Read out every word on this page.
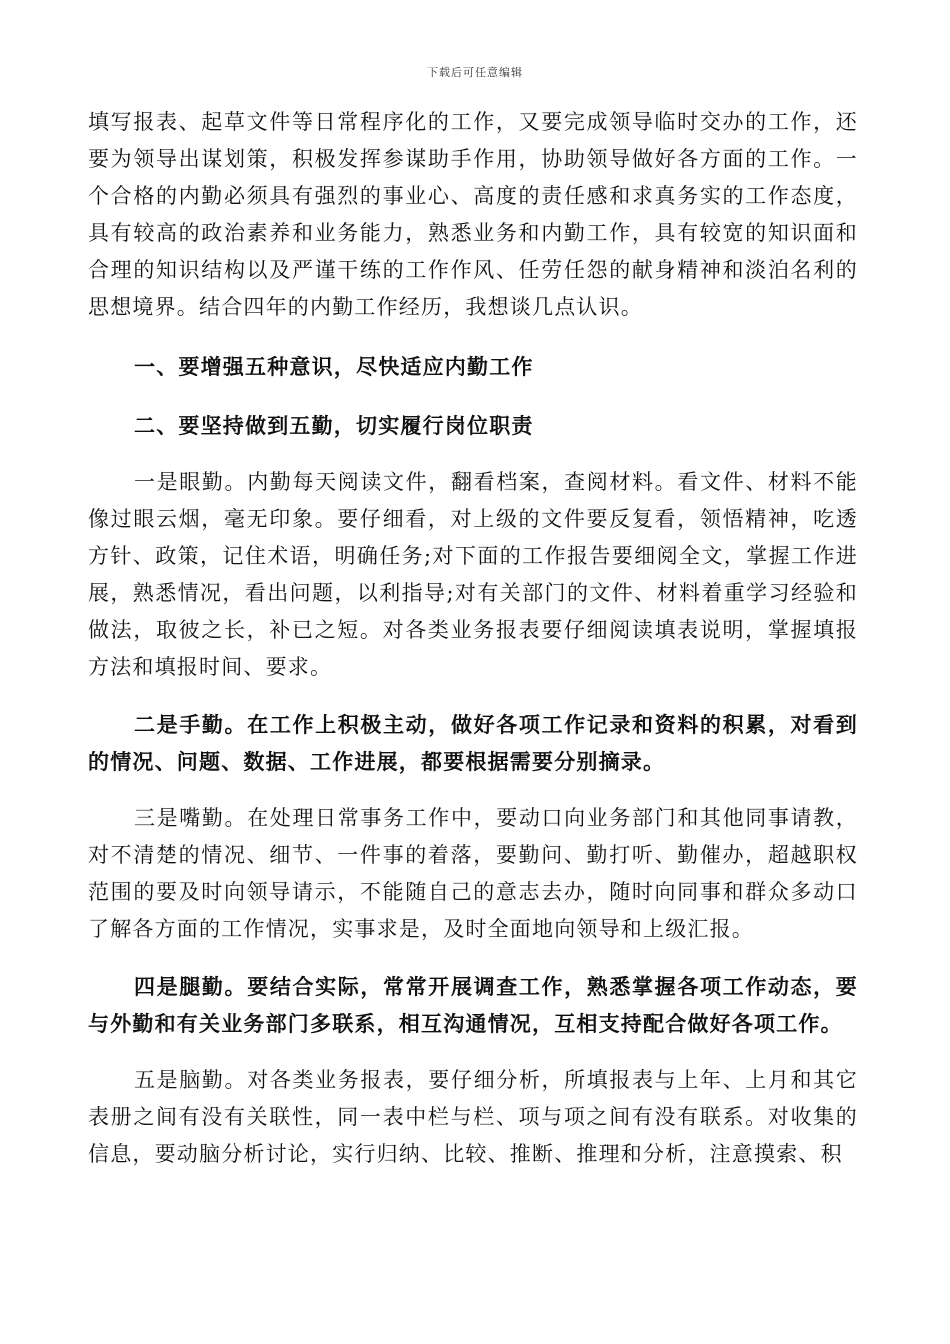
下载后可任意编辑

填写报表、起草文件等日常程序化的工作，又要完成领导临时交办的工作，还要为领导出谋划策，积极发挥参谋助手作用，协助领导做好各方面的工作。一个合格的内勤必须具有强烈的事业心、高度的责任感和求真务实的工作态度，具有较高的政治素养和业务能力，熟悉业务和内勤工作，具有较宽的知识面和合理的知识结构以及严谨干练的工作作风、任劳任怨的献身精神和淡泊名利的思想境界。结合四年的内勤工作经历，我想谈几点认识。

一、要增强五种意识，尽快适应内勤工作

二、要坚持做到五勤，切实履行岗位职责

一是眼勤。内勤每天阅读文件，翻看档案，查阅材料。看文件、材料不能像过眼云烟，毫无印象。要仔细看，对上级的文件要反复看，领悟精神，吃透方针、政策，记住术语，明确任务;对下面的工作报告要细阅全文，掌握工作进展，熟悉情况，看出问题，以利指导;对有关部门的文件、材料着重学习经验和做法，取彼之长，补已之短。对各类业务报表要仔细阅读填表说明，掌握填报方法和填报时间、要求。

二是手勤。在工作上积极主动，做好各项工作记录和资料的积累，对看到的情况、问题、数据、工作进展，都要根据需要分别摘录。

三是嘴勤。在处理日常事务工作中，要动口向业务部门和其他同事请教，对不清楚的情况、细节、一件事的着落，要勤问、勤打听、勤催办，超越职权范围的要及时向领导请示，不能随自己的意志去办，随时向同事和群众多动口了解各方面的工作情况，实事求是，及时全面地向领导和上级汇报。

四是腿勤。要结合实际，常常开展调查工作，熟悉掌握各项工作动态，要与外勤和有关业务部门多联系，相互沟通情况，互相支持配合做好各项工作。

五是脑勤。对各类业务报表，要仔细分析，所填报表与上年、上月和其它表册之间有没有关联性，同一表中栏与栏、项与项之间有没有联系。对收集的信息，要动脑分析讨论，实行归纳、比较、推断、推理和分析，注意摸索、积
